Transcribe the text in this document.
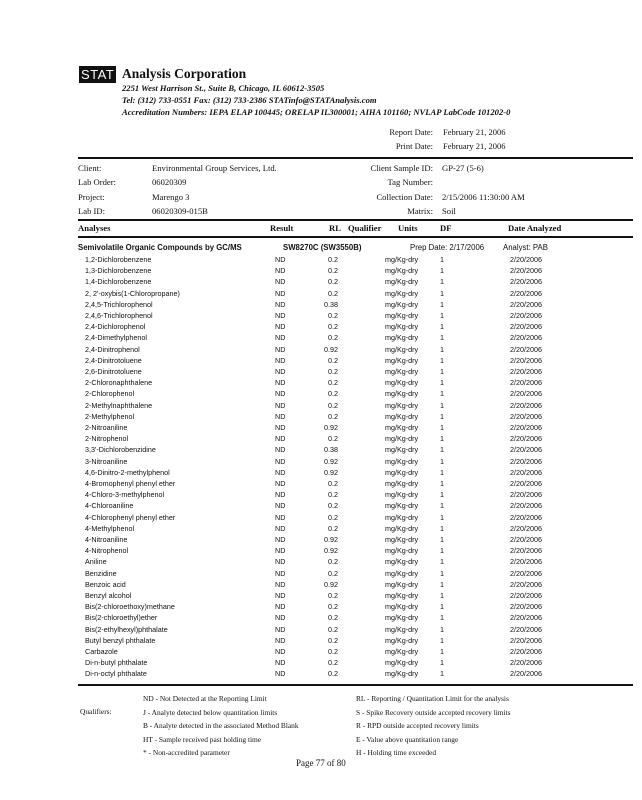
STAT Analysis Corporation
2251 West Harrison St., Suite B, Chicago, IL 60612-3505
Tel: (312) 733-0551 Fax: (312) 733-2386 STATinfo@STATAnalysis.com
Accreditation Numbers: IEPA ELAP 100445; ORELAP IL300001; AIHA 101160; NVLAP LabCode 101202-0
Report Date: February 21, 2006
Print Date: February 21, 2006
Client:	Environmental Group Services, Ltd.
Lab Order:	06020309
Project:	Marengo 3
Lab ID:	06020309-015B
Client Sample ID: GP-27 (5-6)
Tag Number:
Collection Date: 2/15/2006 11:30:00 AM
Matrix: Soil
Analyses	Result	RL Qualifier Units	DF	Date Analyzed
Semivolatile Organic Compounds by GC/MS	SW8270C (SW3550B)	Prep Date: 2/17/2006 Analyst: PAB
1,2-Dichlorobenzene	ND	0.2	mg/Kg-dry	1	2/20/2006
1,3-Dichlorobenzene	ND	0.2	mg/Kg-dry	1	2/20/2006
1,4-Dichlorobenzene	ND	0.2	mg/Kg-dry	1	2/20/2006
2, 2'-oxybis(1-Chloropropane)	ND	0.2	mg/Kg-dry	1	2/20/2006
2,4,5-Trichlorophenol	ND	0.38	mg/Kg-dry	1	2/20/2006
2,4,6-Trichlorophenol	ND	0.2	mg/Kg-dry	1	2/20/2006
2,4-Dichlorophenol	ND	0.2	mg/Kg-dry	1	2/20/2006
2,4-Dimethylphenol	ND	0.2	mg/Kg-dry	1	2/20/2006
2,4-Dinitrophenol	ND	0.92	mg/Kg-dry	1	2/20/2006
2,4-Dinitrotoluene	ND	0.2	mg/Kg-dry	1	2/20/2006
2,6-Dinitrotoluene	ND	0.2	mg/Kg-dry	1	2/20/2006
2-Chloronaphthalene	ND	0.2	mg/Kg-dry	1	2/20/2006
2-Chlorophenol	ND	0.2	mg/Kg-dry	1	2/20/2006
2-Methylnaphthalene	ND	0.2	mg/Kg-dry	1	2/20/2006
2-Methylphenol	ND	0.2	mg/Kg-dry	1	2/20/2006
2-Nitroaniline	ND	0.92	mg/Kg-dry	1	2/20/2006
2-Nitrophenol	ND	0.2	mg/Kg-dry	1	2/20/2006
3,3'-Dichlorobenzidine	ND	0.38	mg/Kg-dry	1	2/20/2006
3-Nitroaniline	ND	0.92	mg/Kg-dry	1	2/20/2006
4,6-Dinitro-2-methylphenol	ND	0.92	mg/Kg-dry	1	2/20/2006
4-Bromophenyl phenyl ether	ND	0.2	mg/Kg-dry	1	2/20/2006
4-Chloro-3-methylphenol	ND	0.2	mg/Kg-dry	1	2/20/2006
4-Chloroaniline	ND	0.2	mg/Kg-dry	1	2/20/2006
4-Chlorophenyl phenyl ether	ND	0.2	mg/Kg-dry	1	2/20/2006
4-Methylphenol	ND	0.2	mg/Kg-dry	1	2/20/2006
4-Nitroaniline	ND	0.92	mg/Kg-dry	1	2/20/2006
4-Nitrophenol	ND	0.92	mg/Kg-dry	1	2/20/2006
Aniline	ND	0.2	mg/Kg-dry	1	2/20/2006
Benzidine	ND	0.2	mg/Kg-dry	1	2/20/2006
Benzoic acid	ND	0.92	mg/Kg-dry	1	2/20/2006
Benzyl alcohol	ND	0.2	mg/Kg-dry	1	2/20/2006
Bis(2-chloroethoxy)methane	ND	0.2	mg/Kg-dry	1	2/20/2006
Bis(2-chloroethyl)ether	ND	0.2	mg/Kg-dry	1	2/20/2006
Bis(2-ethylhexyl)phthalate	ND	0.2	mg/Kg-dry	1	2/20/2006
Butyl benzyl phthalate	ND	0.2	mg/Kg-dry	1	2/20/2006
Carbazole	ND	0.2	mg/Kg-dry	1	2/20/2006
Di-n-butyl phthalate	ND	0.2	mg/Kg-dry	1	2/20/2006
Di-n-octyl phthalate	ND	0.2	mg/Kg-dry	1	2/20/2006
Qualifiers:
ND - Not Detected at the Reporting Limit
J - Analyte detected below quantitation limits
B - Analyte detected in the associated Method Blank
HT - Sample received past holding time
* - Non-accredited parameter
RL - Reporting / Quantitation Limit for the analysis
S - Spike Recovery outside accepted recovery limits
R - RPD outside accepted recovery limits
E - Value above quantitation range
H - Holding time exceeded
Page 77 of 80
